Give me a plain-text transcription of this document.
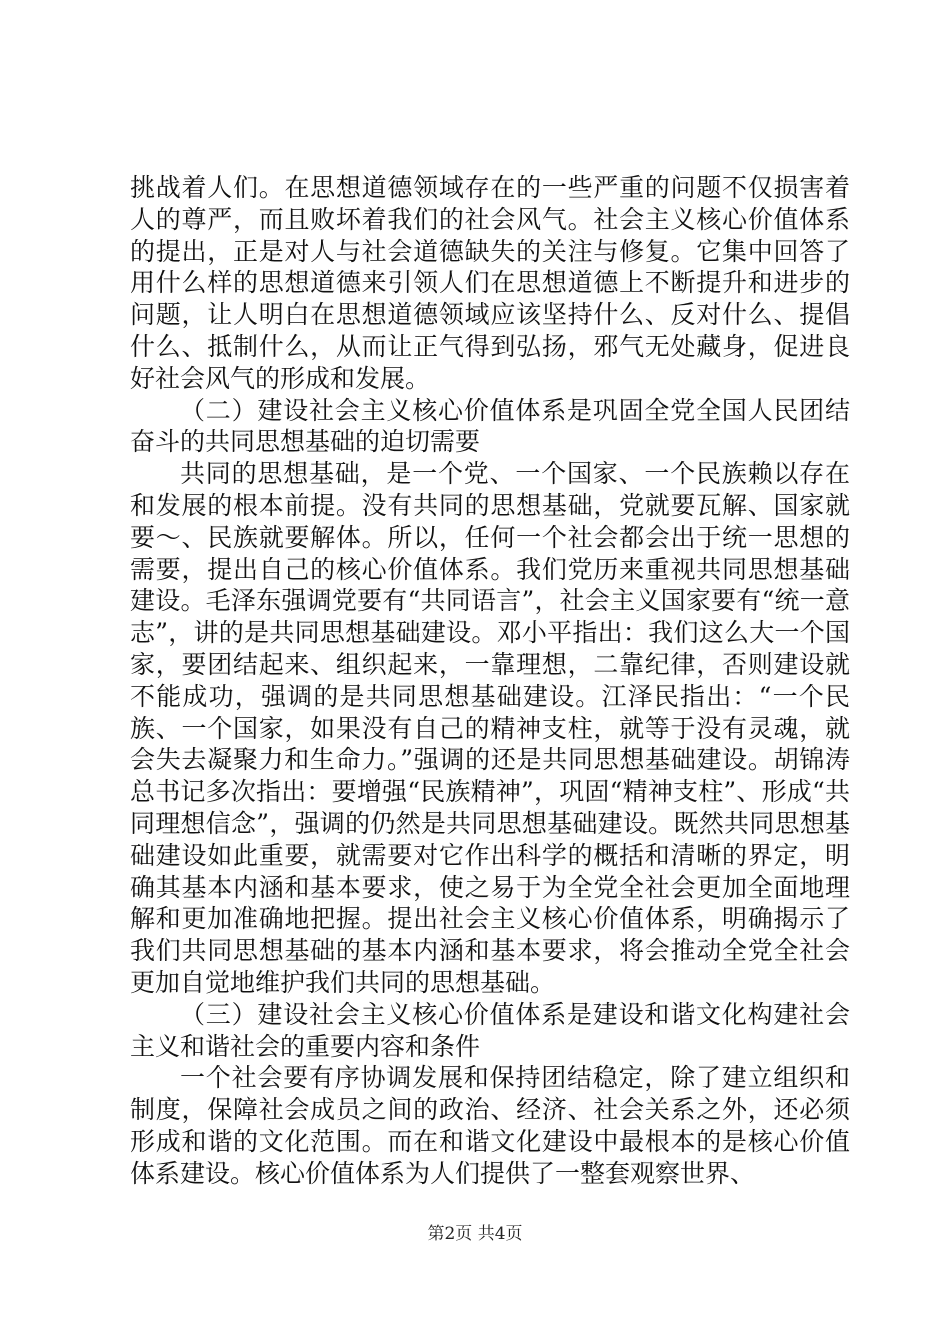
挑战着人们。在思想道德领域存在的一些严重的问题不仅损害着人的尊严，而且败坏着我们的社会风气。社会主义核心价值体系的提出，正是对人与社会道德缺失的关注与修复。它集中回答了用什么样的思想道德来引领人们在思想道德上不断提升和进步的问题，让人明白在思想道德领域应该坚持什么、反对什么、提倡什么、抵制什么，从而让正气得到弘扬，邪气无处藏身，促进良好社会风气的形成和发展。

（二）建设社会主义核心价值体系是巩固全党全国人民团结奋斗的共同思想基础的迫切需要

共同的思想基础，是一个党、一个国家、一个民族赖以存在和发展的根本前提。没有共同的思想基础，党就要瓦解、国家就要～、民族就要解体。所以，任何一个社会都会出于统一思想的需要，提出自己的核心价值体系。我们党历来重视共同思想基础建设。毛泽东强调党要有“共同语言”，社会主义国家要有“统一意志”，讲的是共同思想基础建设。邓小平指出：我们这么大一个国家，要团结起来、组织起来，一靠理想，二靠纪律，否则建设就不能成功，强调的是共同思想基础建设。江泽民指出：“一个民族、一个国家，如果没有自己的精神支柱，就等于没有灵魂，就会失去凝聚力和生命力。”强调的还是共同思想基础建设。胡锦涛总书记多次指出：要增强“民族精神”，巩固“精神支柱”、形成“共同理想信念”，强调的仍然是共同思想基础建设。既然共同思想基础建设如此重要，就需要对它作出科学的概括和清晰的界定，明确其基本内涵和基本要求，使之易于为全党全社会更加全面地理解和更加准确地把握。提出社会主义核心价值体系，明确揭示了我们共同思想基础的基本内涵和基本要求，将会推动全党全社会更加自觉地维护我们共同的思想基础。

（三）建设社会主义核心价值体系是建设和谐文化构建社会主义和谐社会的重要内容和条件

一个社会要有序协调发展和保持团结稳定，除了建立组织和制度，保障社会成员之间的政治、经济、社会关系之外，还必须形成和谐的文化范围。而在和谐文化建设中最根本的是核心价值体系建设。核心价值体系为人们提供了一整套观察世界、

第2页 共4页
